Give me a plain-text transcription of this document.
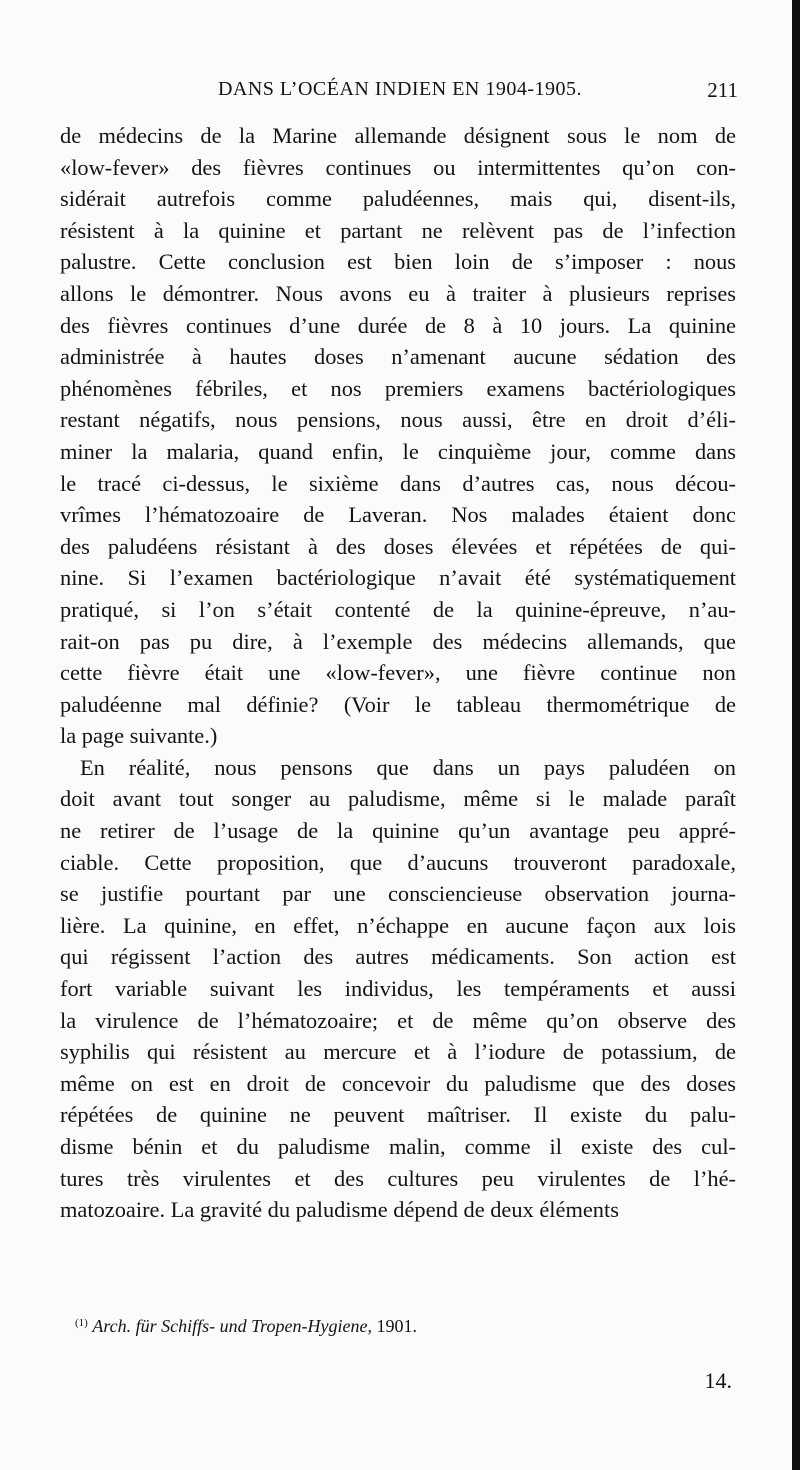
DANS L’OCÉAN INDIEN EN 1904-1905.	211
de médecins de la Marine allemande désignent sous le nom de
«low-fever» des fièvres continues ou intermittentes qu’on con-
sidérait autrefois comme paludéennes, mais qui, disent-ils,
résistent à la quinine et partant ne relèvent pas de l’infection
palustre. Cette conclusion est bien loin de s’imposer : nous
allons le démontrer. Nous avons eu à traiter à plusieurs reprises
des fièvres continues d’une durée de 8 à 10 jours. La quinine
administrée à hautes doses n’amenant aucune sédation des
phénomènes fébriles, et nos premiers examens bactériologiques
restant négatifs, nous pensions, nous aussi, être en droit d’éli-
miner la malaria, quand enfin, le cinquième jour, comme dans
le tracé ci-dessus, le sixième dans d’autres cas, nous décou-
vrîmes l’hématozoaire de Laveran. Nos malades étaient donc
des paludéens résistant à des doses élevées et répétées de qui-
nine. Si l’examen bactériologique n’avait été systématiquement
pratiqué, si l’on s’était contenté de la quinine-épreuve, n’au-
rait-on pas pu dire, à l’exemple des médecins allemands, que
cette fièvre était une «low-fever», une fièvre continue non
paludéenne mal définie? (Voir le tableau thermométrique de
la page suivante.)
En réalité, nous pensons que dans un pays paludéen on
doit avant tout songer au paludisme, même si le malade paraît
ne retirer de l’usage de la quinine qu’un avantage peu appré-
ciable. Cette proposition, que d’aucuns trouveront paradoxale,
se justifie pourtant par une consciencieuse observation journa-
lière. La quinine, en effet, n’échappe en aucune façon aux lois
qui régissent l’action des autres médicaments. Son action est
fort variable suivant les individus, les tempéraments et aussi
la virulence de l’hématozoaire; et de même qu’on observe des
syphilis qui résistent au mercure et à l’iodure de potassium, de
même on est en droit de concevoir du paludisme que des doses
répétées de quinine ne peuvent maîtriser. Il existe du palu-
disme bénin et du paludisme malin, comme il existe des cul-
tures très virulentes et des cultures peu virulentes de l’hé-
matozoaire. La gravité du paludisme dépend de deux éléments
$^{(1)}$ Arch. für Schiffs- und Tropen-Hygiene, 1901.
14.
